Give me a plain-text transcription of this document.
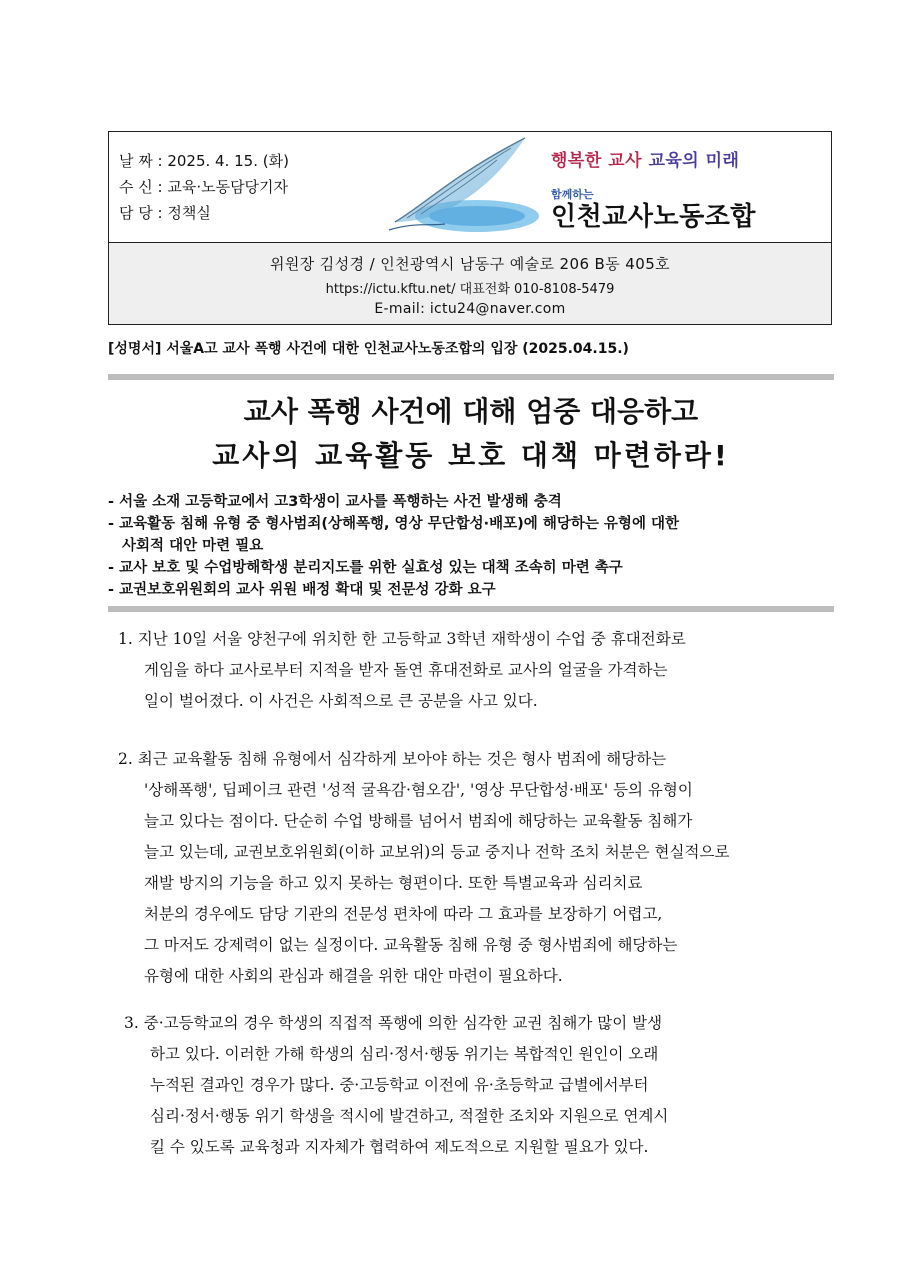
날 짜 : 2025. 4. 15. (화)
수 신 : 교육·노동담당기자
담 당 : 정책실
행복한 교사 교육의 미래
함께하는
인천교사노동조합
위원장 김성경 / 인천광역시 남동구 예술로 206 B동 405호
https://ictu.kftu.net/ 대표전화 010-8108-5479
E-mail: ictu24@naver.com
[성명서] 서울A고 교사 폭행 사건에 대한 인천교사노동조합의 입장 (2025.04.15.)
교사 폭행 사건에 대해 엄중 대응하고
교사의 교육활동 보호 대책 마련하라!
- 서울 소재 고등학교에서 고3학생이 교사를 폭행하는 사건 발생해 충격
- 교육활동 침해 유형 중 형사범죄(상해폭행, 영상 무단합성·배포)에 해당하는 유형에 대한
사회적 대안 마련 필요
- 교사 보호 및 수업방해학생 분리지도를 위한 실효성 있는 대책 조속히 마련 촉구
- 교권보호위원회의 교사 위원 배정 확대 및 전문성 강화 요구
1. 지난 10일 서울 양천구에 위치한 한 고등학교 3학년 재학생이 수업 중 휴대전화로
게임을 하다 교사로부터 지적을 받자 돌연 휴대전화로 교사의 얼굴을 가격하는
일이 벌어졌다. 이 사건은 사회적으로 큰 공분을 사고 있다.
2. 최근 교육활동 침해 유형에서 심각하게 보아야 하는 것은 형사 범죄에 해당하는
'상해폭행', 딥페이크 관련 '성적 굴욕감·혐오감', '영상 무단합성·배포' 등의 유형이
늘고 있다는 점이다. 단순히 수업 방해를 넘어서 범죄에 해당하는 교육활동 침해가
늘고 있는데, 교권보호위원회(이하 교보위)의 등교 중지나 전학 조치 처분은 현실적으로
재발 방지의 기능을 하고 있지 못하는 형편이다. 또한 특별교육과 심리치료
처분의 경우에도 담당 기관의 전문성 편차에 따라 그 효과를 보장하기 어렵고,
그 마저도 강제력이 없는 실정이다. 교육활동 침해 유형 중 형사범죄에 해당하는
유형에 대한 사회의 관심과 해결을 위한 대안 마련이 필요하다.
3. 중·고등학교의 경우 학생의 직접적 폭행에 의한 심각한 교권 침해가 많이 발생
하고 있다. 이러한 가해 학생의 심리·정서·행동 위기는 복합적인 원인이 오래
누적된 결과인 경우가 많다. 중·고등학교 이전에 유·초등학교 급별에서부터
심리·정서·행동 위기 학생을 적시에 발견하고, 적절한 조치와 지원으로 연계시
킬 수 있도록 교육청과 지자체가 협력하여 제도적으로 지원할 필요가 있다.
